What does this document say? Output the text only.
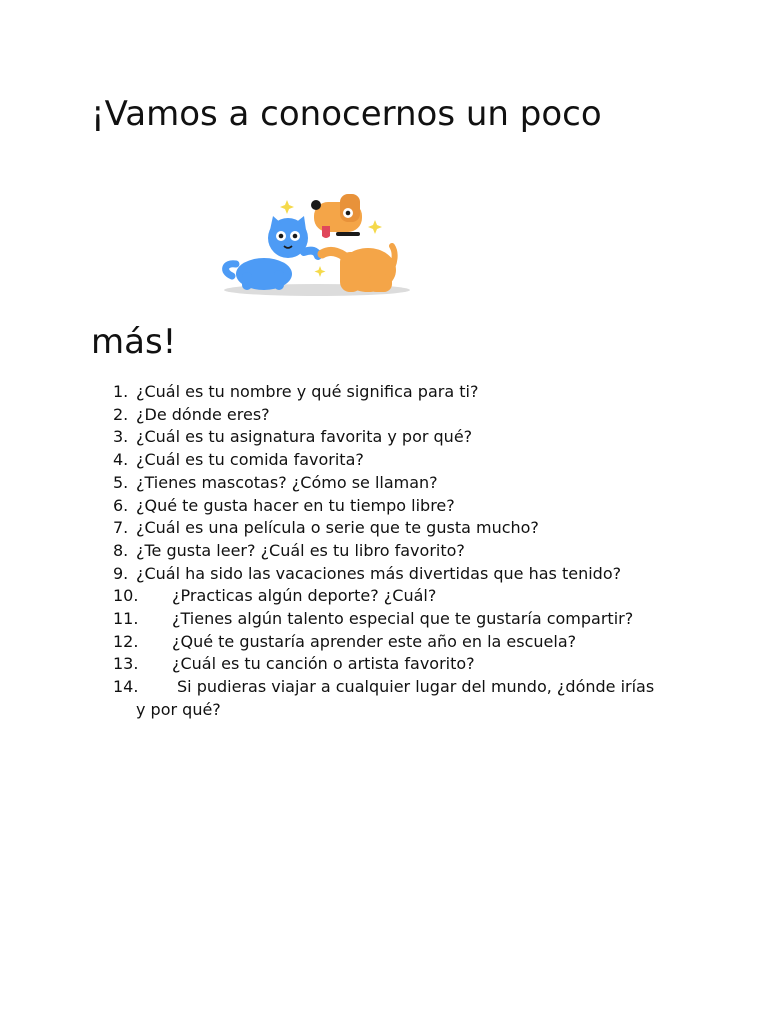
¡Vamos a conocernos un poco
más!
1. ¿Cuál es tu nombre y qué significa para ti?
2. ¿De dónde eres?
3. ¿Cuál es tu asignatura favorita y por qué?
4. ¿Cuál es tu comida favorita?
5. ¿Tienes mascotas? ¿Cómo se llaman?
6. ¿Qué te gusta hacer en tu tiempo libre?
7. ¿Cuál es una película o serie que te gusta mucho?
8. ¿Te gusta leer? ¿Cuál es tu libro favorito?
9. ¿Cuál ha sido las vacaciones más divertidas que has tenido?
10. ¿Practicas algún deporte? ¿Cuál?
11. ¿Tienes algún talento especial que te gustaría compartir?
12. ¿Qué te gustaría aprender este año en la escuela?
13. ¿Cuál es tu canción o artista favorito?
14. Si pudieras viajar a cualquier lugar del mundo, ¿dónde irías
y por qué?
